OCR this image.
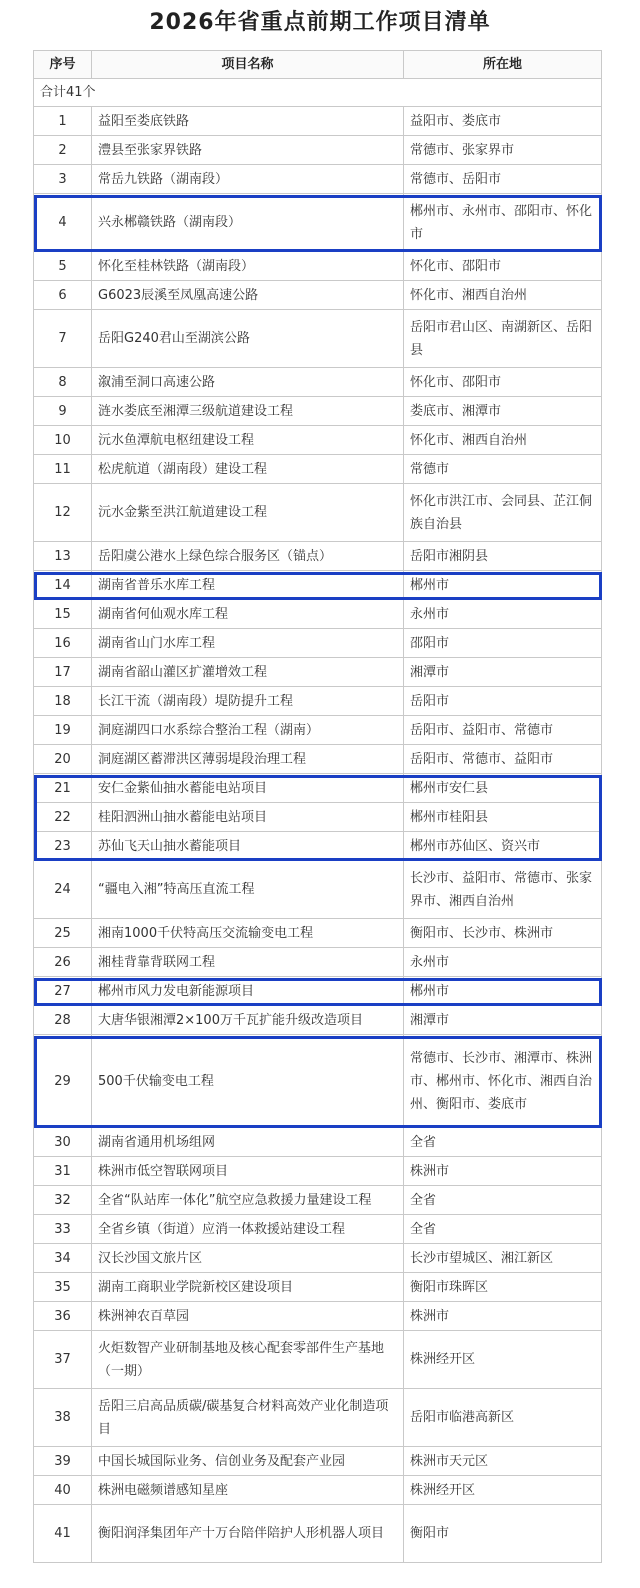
2026年省重点前期工作项目清单
序号	项目名称	所在地
合计41个		
1	益阳至娄底铁路	益阳市、娄底市
2	澧县至张家界铁路	常德市、张家界市
3	常岳九铁路（湖南段）	常德市、岳阳市
4	兴永郴赣铁路（湖南段）	郴州市、永州市、邵阳市、怀化市
5	怀化至桂林铁路（湖南段）	怀化市、邵阳市
6	G6023辰溪至凤凰高速公路	怀化市、湘西自治州
7	岳阳G240君山至湖滨公路	岳阳市君山区、南湖新区、岳阳县
8	溆浦至洞口高速公路	怀化市、邵阳市
9	涟水娄底至湘潭三级航道建设工程	娄底市、湘潭市
10	沅水鱼潭航电枢纽建设工程	怀化市、湘西自治州
11	松虎航道（湖南段）建设工程	常德市
12	沅水金紫至洪江航道建设工程	怀化市洪江市、会同县、芷江侗族自治县
13	岳阳虞公港水上绿色综合服务区（锚点）	岳阳市湘阴县
14	湖南省普乐水库工程	郴州市
15	湖南省何仙观水库工程	永州市
16	湖南省山门水库工程	邵阳市
17	湖南省韶山灌区扩灌增效工程	湘潭市
18	长江干流（湖南段）堤防提升工程	岳阳市
19	洞庭湖四口水系综合整治工程（湖南）	岳阳市、益阳市、常德市
20	洞庭湖区蓄滞洪区薄弱堤段治理工程	岳阳市、常德市、益阳市
21	安仁金紫仙抽水蓄能电站项目	郴州市安仁县
22	桂阳泗洲山抽水蓄能电站项目	郴州市桂阳县
23	苏仙飞天山抽水蓄能项目	郴州市苏仙区、资兴市
24	“疆电入湘”特高压直流工程	长沙市、益阳市、常德市、张家界市、湘西自治州
25	湘南1000千伏特高压交流输变电工程	衡阳市、长沙市、株洲市
26	湘桂背靠背联网工程	永州市
27	郴州市风力发电新能源项目	郴州市
28	大唐华银湘潭2×100万千瓦扩能升级改造项目	湘潭市
29	500千伏输变电工程	常德市、长沙市、湘潭市、株洲市、郴州市、怀化市、湘西自治州、衡阳市、娄底市
30	湖南省通用机场组网	全省
31	株洲市低空智联网项目	株洲市
32	全省“队站库一体化”航空应急救援力量建设工程	全省
33	全省乡镇（街道）应消一体救援站建设工程	全省
34	汉长沙国文旅片区	长沙市望城区、湘江新区
35	湖南工商职业学院新校区建设项目	衡阳市珠晖区
36	株洲神农百草园	株洲市
37	火炬数智产业研制基地及核心配套零部件生产基地（一期）	株洲经开区
38	岳阳三启高品质碳/碳基复合材料高效产业化制造项目	岳阳市临港高新区
39	中国长城国际业务、信创业务及配套产业园	株洲市天元区
40	株洲电磁频谱感知星座	株洲经开区
41	衡阳润泽集团年产十万台陪伴陪护人形机器人项目	衡阳市
